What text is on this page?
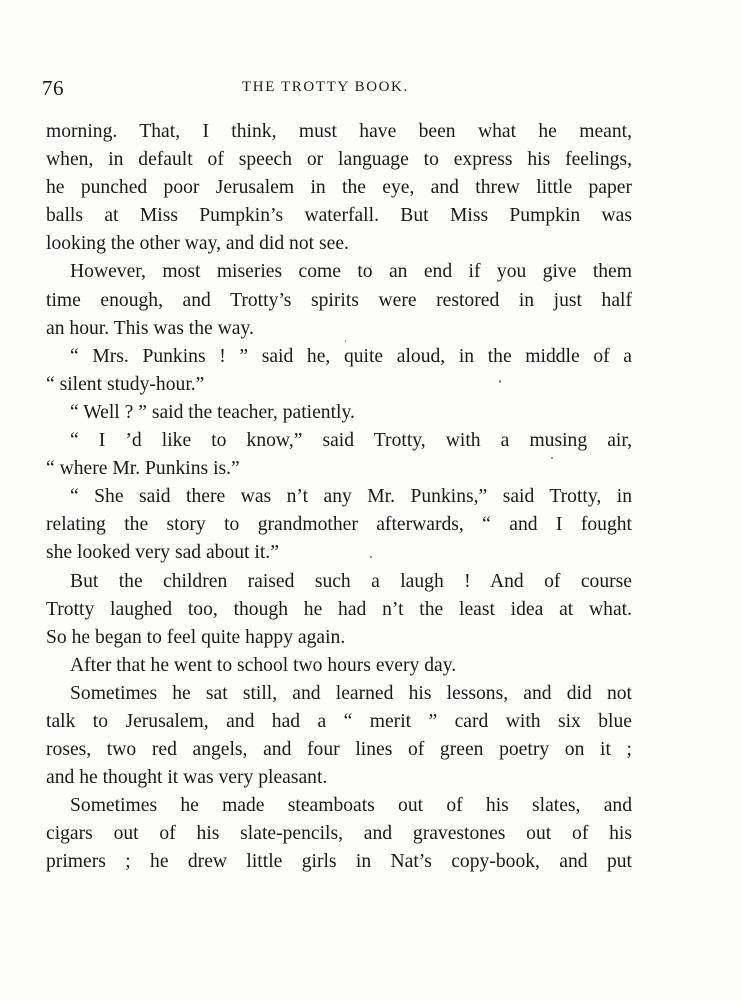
76	THE TROTTY BOOK.
morning. That, I think, must have been what he meant,
when, in default of speech or language to express his feelings,
he punched poor Jerusalem in the eye, and threw little paper
balls at Miss Pumpkin’s waterfall. But Miss Pumpkin was
looking the other way, and did not see.
However, most miseries come to an end if you give them
time enough, and Trotty’s spirits were restored in just half
an hour. This was the way.
“ Mrs. Punkins ! ” said he, quite aloud, in the middle of a
“ silent study-hour.”
“ Well ? ” said the teacher, patiently.
“ I ’d like to know,” said Trotty, with a musing air,
“ where Mr. Punkins is.”
“ She said there was n’t any Mr. Punkins,” said Trotty, in
relating the story to grandmother afterwards, “ and I fought
she looked very sad about it.”
But the children raised such a laugh ! And of course
Trotty laughed too, though he had n’t the least idea at what.
So he began to feel quite happy again.
After that he went to school two hours every day.
Sometimes he sat still, and learned his lessons, and did not
talk to Jerusalem, and had a “ merit ” card with six blue
roses, two red angels, and four lines of green poetry on it ;
and he thought it was very pleasant.
Sometimes he made steamboats out of his slates, and
cigars out of his slate-pencils, and gravestones out of his
primers ; he drew little girls in Nat’s copy-book, and put
